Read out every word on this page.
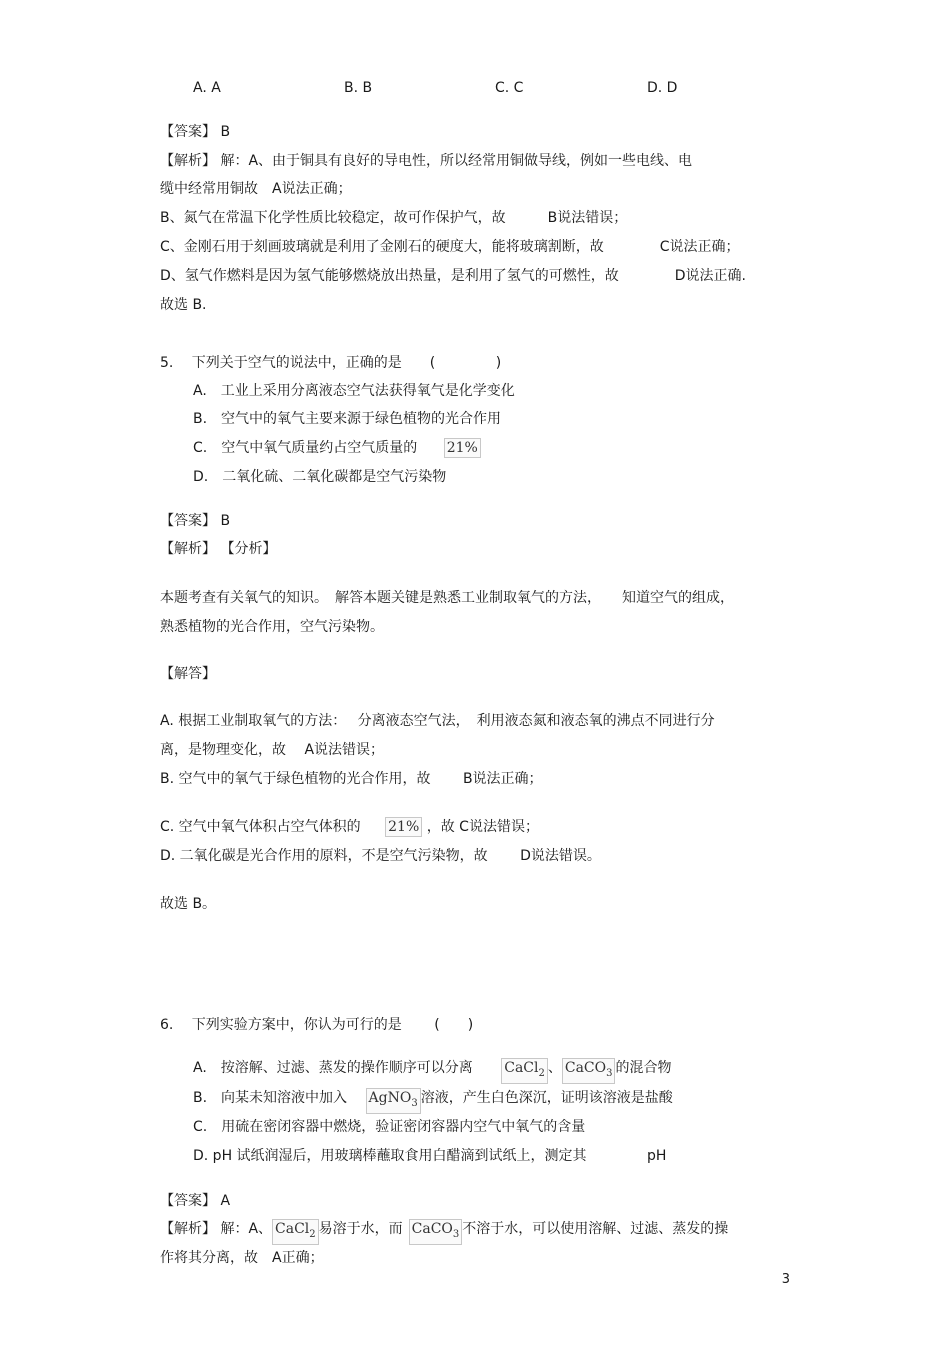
A. A	B. B	C. C	D. D
【答案】 B
【解析】 解：A、由于铜具有良好的导电性，所以经常用铜做导线，例如一些电线、电
缆中经常用铜故　A说法正确；
B、氮气在常温下化学性质比较稳定，故可作保护气，故　　　B说法错误；
C、金刚石用于刻画玻璃就是利用了金刚石的硬度大，能将玻璃割断，故　　　　C说法正确；
D、氢气作燃料是因为氢气能够燃烧放出热量，是利用了氢气的可燃性，故　　　　D说法正确.
故选 B.
5.　 下列关于空气的说法中，正确的是　　(　　　　 )
A.　工业上采用分离液态空气法获得氧气是化学变化
B.　空气中的氧气主要来源于绿色植物的光合作用
C.　空气中氧气质量约占空气质量的 21%
D.　二氧化硫、二氧化碳都是空气污染物
【答案】 B
【解析】 【分析】
本题考查有关氧气的知识。　解答本题关键是熟悉工业制取氧气的方法，　　知道空气的组成，
熟悉植物的光合作用，空气污染物。
【解答】
A. 根据工业制取氧气的方法：　 分离液态空气法，　利用液态氮和液态氧的沸点不同进行分
离，是物理变化，故　 A说法错误；
B. 空气中的氧气于绿色植物的光合作用，故　　 B说法正确；
C. 空气中氧气体积占空气体积的 21% ，故 C说法错误；
D. 二氧化碳是光合作用的原料，不是空气污染物，故　　 D说法错误。
故选 B。
6.　 下列实验方案中，你认为可行的是　　 (　　)
A.　按溶解、过滤、蒸发的操作顺序可以分离 CaCl$_2$ 、 CaCO$_3$ 的混合物
B.　向某未知溶液中加入 AgNO$_3$ 溶液，产生白色深沉，证明该溶液是盐酸
C.　用硫在密闭容器中燃烧，验证密闭容器内空气中氧气的含量
D. pH 试纸润湿后，用玻璃棒蘸取食用白醋滴到试纸上，测定其　　　　 pH
【答案】 A
【解析】 解：A、 CaCl$_2$ 易溶于水，而 CaCO$_3$ 不溶于水，可以使用溶解、过滤、蒸发的操
作将其分离，故　A正确；
3
